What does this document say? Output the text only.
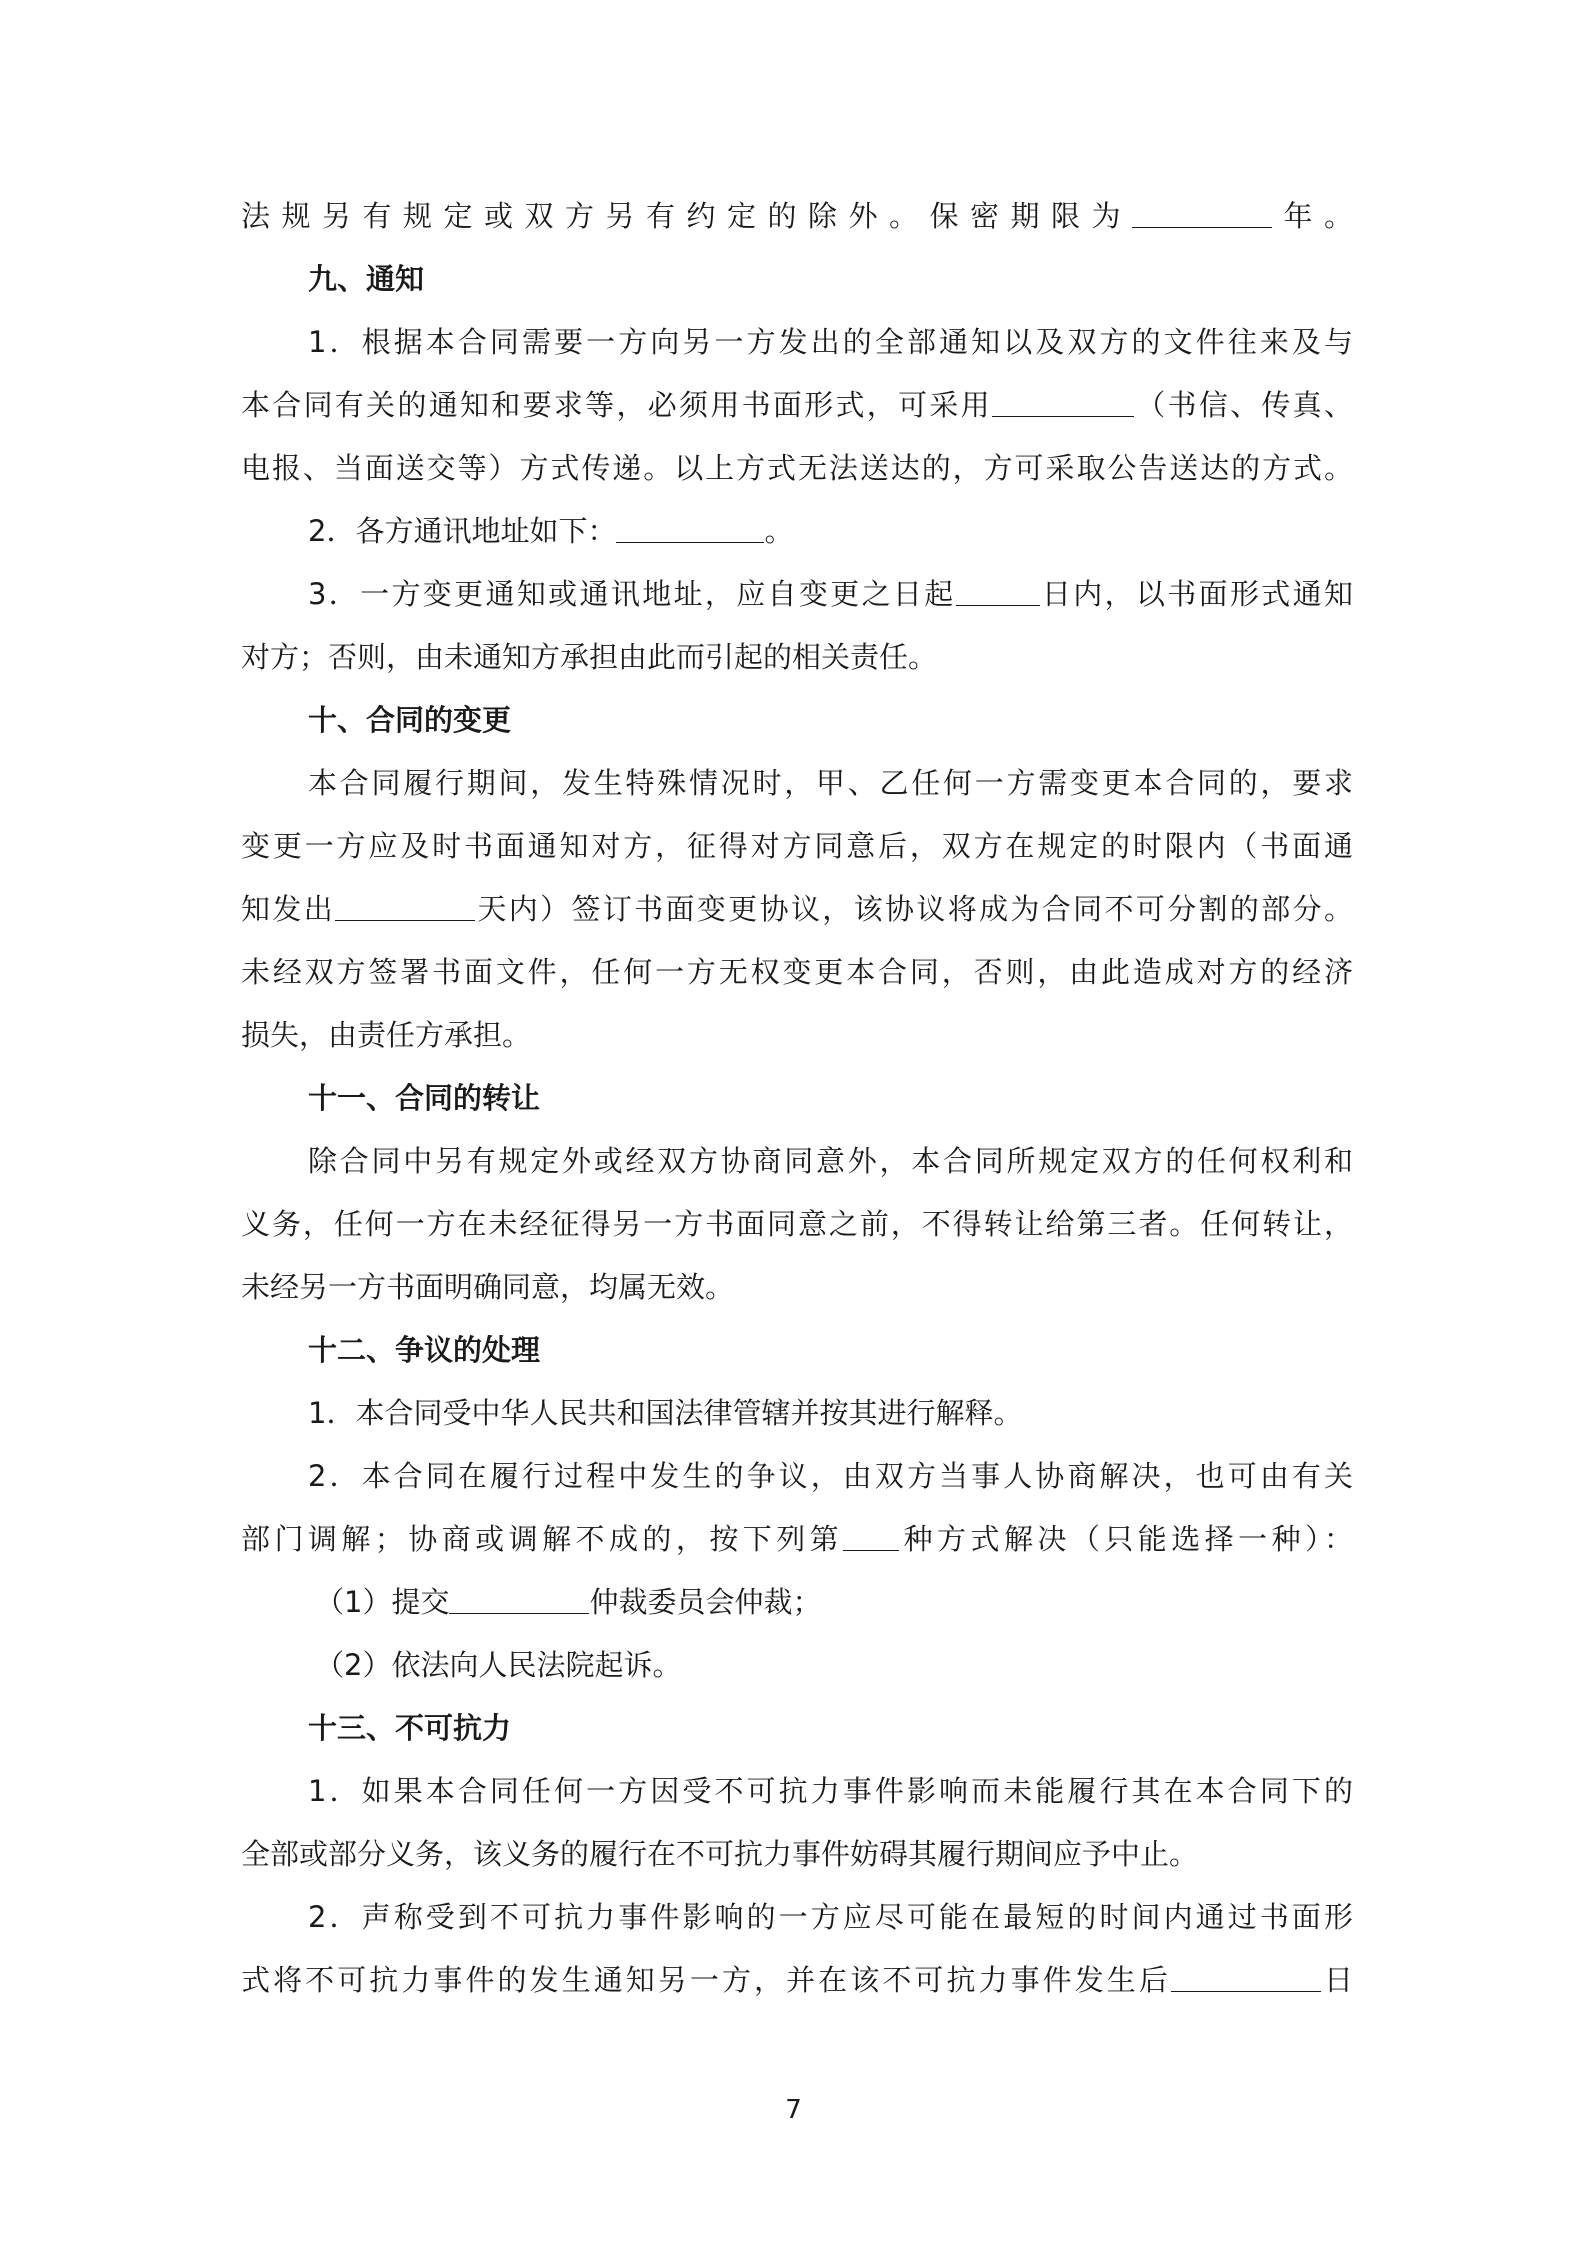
法规另有规定或双方另有约定的除外。保密期限为	年。
九、通知
1．根据本合同需要一方向另一方发出的全部通知以及双方的文件往来及与
本合同有关的通知和要求等，必须用书面形式，可采用	（书信、传真、
电报、当面送交等）方式传递。以上方式无法送达的，方可采取公告送达的方式。
2．各方通讯地址如下：	。
3．一方变更通知或通讯地址，应自变更之日起	日内，以书面形式通知
对方；否则，由未通知方承担由此而引起的相关责任。
十、合同的变更
本合同履行期间，发生特殊情况时，甲、乙任何一方需变更本合同的，要求
变更一方应及时书面通知对方，征得对方同意后，双方在规定的时限内（书面通
知发出	天内）签订书面变更协议，该协议将成为合同不可分割的部分。
未经双方签署书面文件，任何一方无权变更本合同，否则，由此造成对方的经济
损失，由责任方承担。
十一、合同的转让
除合同中另有规定外或经双方协商同意外，本合同所规定双方的任何权利和
义务，任何一方在未经征得另一方书面同意之前，不得转让给第三者。任何转让，
未经另一方书面明确同意，均属无效。
十二、争议的处理
1．本合同受中华人民共和国法律管辖并按其进行解释。
2．本合同在履行过程中发生的争议，由双方当事人协商解决，也可由有关
部门调解；协商或调解不成的，按下列第 种方式解决（只能选择一种）：
（1）提交	仲裁委员会仲裁；
（2）依法向人民法院起诉。
十三、不可抗力
1．如果本合同任何一方因受不可抗力事件影响而未能履行其在本合同下的
全部或部分义务，该义务的履行在不可抗力事件妨碍其履行期间应予中止。
2．声称受到不可抗力事件影响的一方应尽可能在最短的时间内通过书面形
式将不可抗力事件的发生通知另一方，并在该不可抗力事件发生后	日
7
